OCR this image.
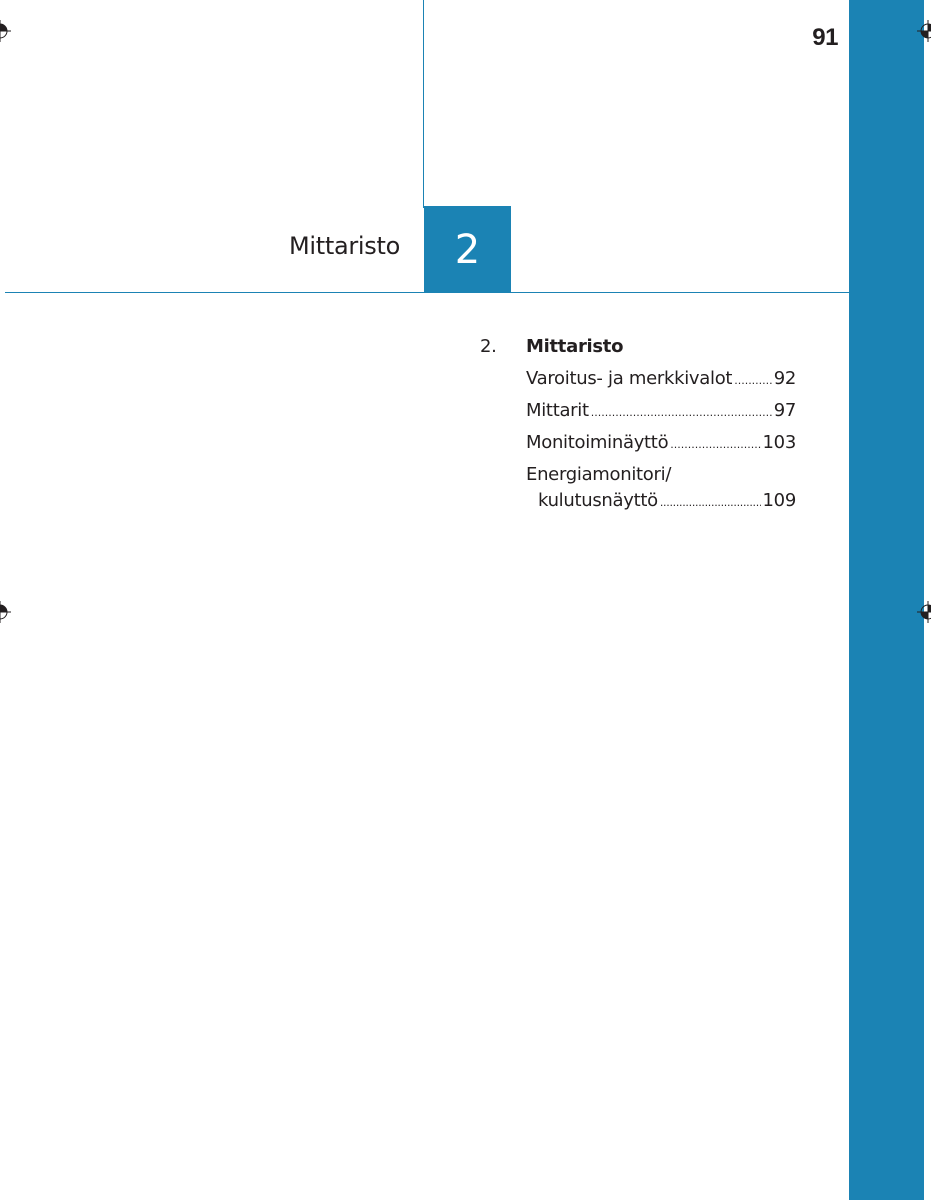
91
Mittaristo 2
2.	Mittaristo
Varoitus- ja merkkivalot ..... 92
Mittarit .....	97
Monitoiminäyttö .....	103
Energiamonitori/
kulutusnäyttö .....	109
